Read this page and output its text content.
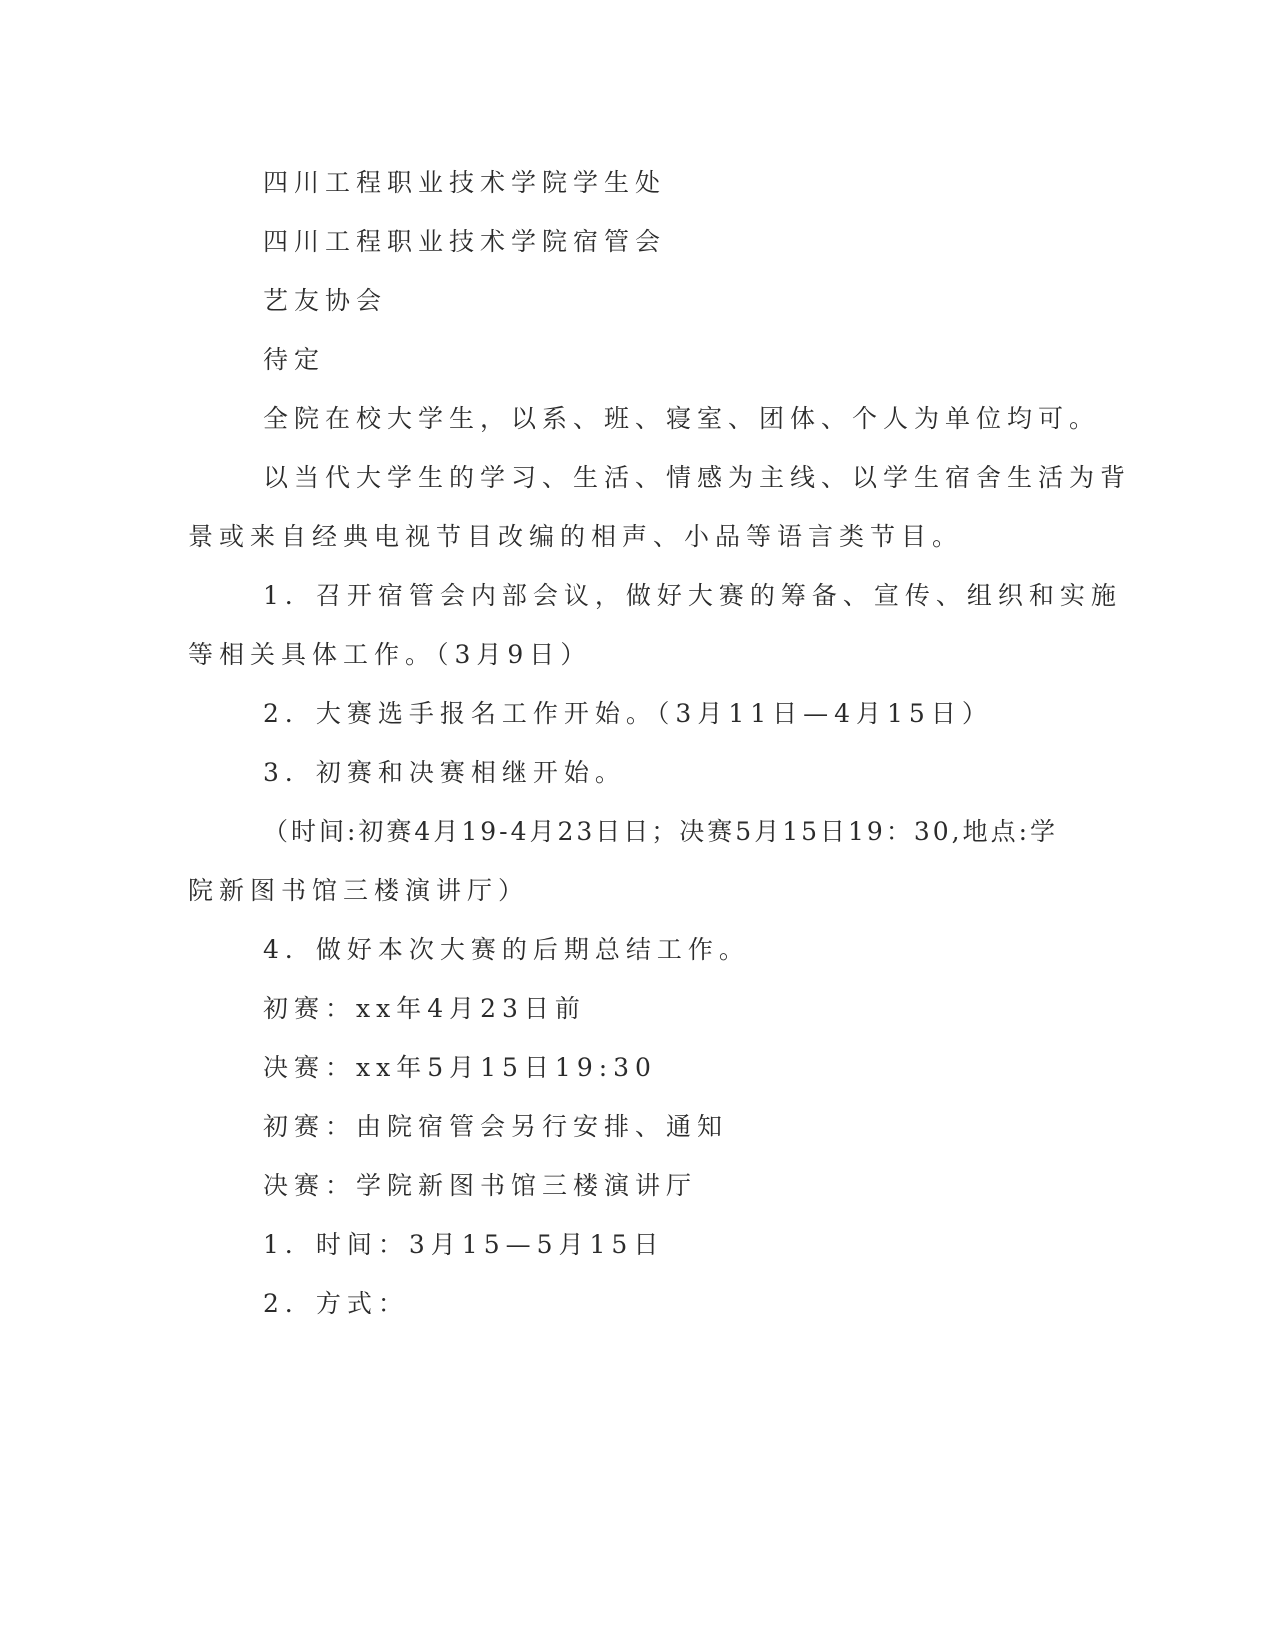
四川工程职业技术学院学生处
四川工程职业技术学院宿管会
艺友协会
待定
全院在校大学生，以系、班、寝室、团体、个人为单位均可。
以当代大学生的学习、生活、情感为主线、以学生宿舍生活为背
景或来自经典电视节目改编的相声、小品等语言类节目。
1．召开宿管会内部会议，做好大赛的筹备、宣传、组织和实施
等相关具体工作。（3月9日）
2．大赛选手报名工作开始。（3月11日—4月15日）
3．初赛和决赛相继开始。
（时间:初赛4月19-4月23日日；决赛5月15日19：30,地点:学
院新图书馆三楼演讲厅）
4．做好本次大赛的后期总结工作。
初赛：xx年4月23日前
决赛：xx年5月15日19:30
初赛：由院宿管会另行安排、通知
决赛：学院新图书馆三楼演讲厅
1．时间：3月15—5月15日
2．方式：
